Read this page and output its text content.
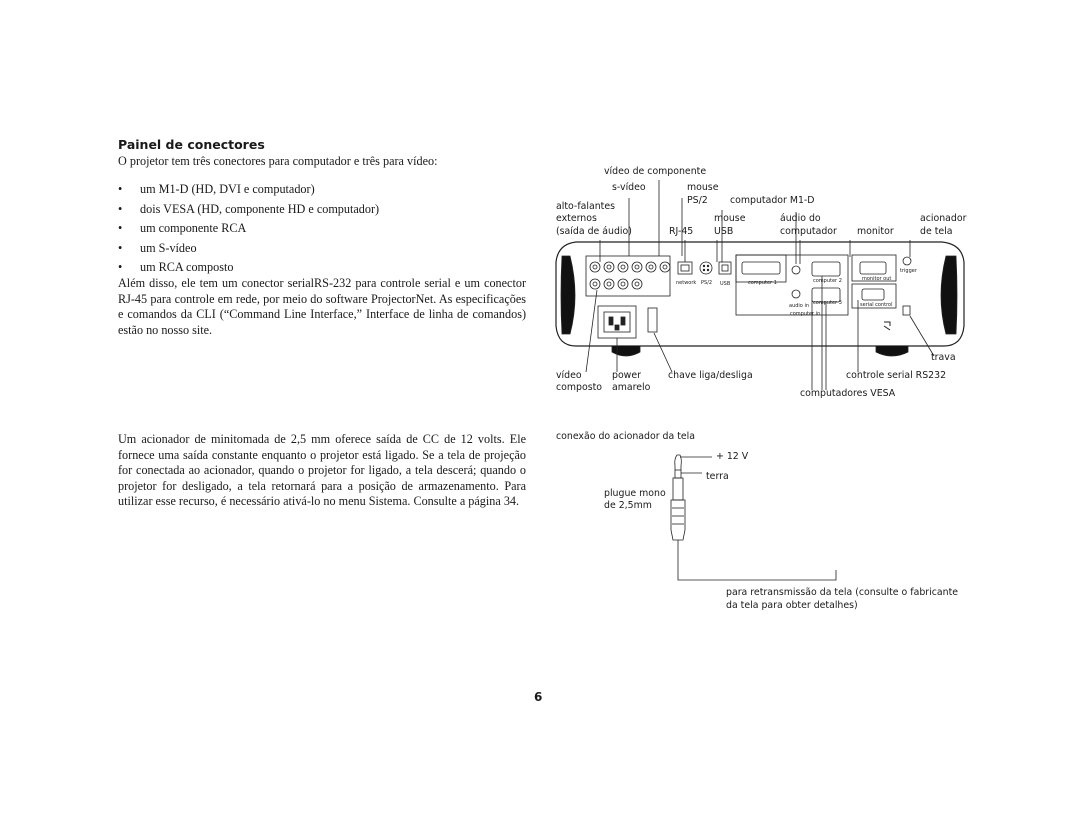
Painel de conectores
O projetor tem três conectores para computador e três para vídeo:
• um M1-D (HD, DVI e computador)
• dois VESA (HD, componente HD e computador)
• um componente RCA
• um S-vídeo
• um RCA composto

Além disso, ele tem um conector serialRS-232 para controle serial e um conector RJ-45 para controle em rede, por meio do software ProjectorNet. As especificações e comandos da CLI (“Command Line Interface,” Interface de linha de comandos) estão no nosso site.

Um acionador de minitomada de 2,5 mm oferece saída de CC de 12 volts. Ele fornece uma saída constante enquanto o projetor está ligado. Se a tela de projeção for conectada ao acionador, quando o projetor for ligado, a tela descerá; quando o projetor for desligado, a tela retornará para a posição de armazenamento. Para utilizar esse recurso, é necessário ativá-lo no menu Sistema. Consulte a página 34.

network PS/2 USB	computer 1	computer 2
computer 3
monitor out
serial control
computer in
trigger
audio in
vídeo de componente
s-vídeo	mouse
PS/2 computador M1-D
alto-falantes
externos
(saída de áudio)	RJ-45
mouse
USB
áudio do
computador monitor
acionador
de tela
vídeo
composto
power
amarelo
chave liga/desliga
trava
controle serial RS232
computadores VESA
conexão do acionador da tela
+ 12 V
terra
plugue mono
de 2,5mm
para retransmissão da tela (consulte o fabricante
da tela para obter detalhes)
6
